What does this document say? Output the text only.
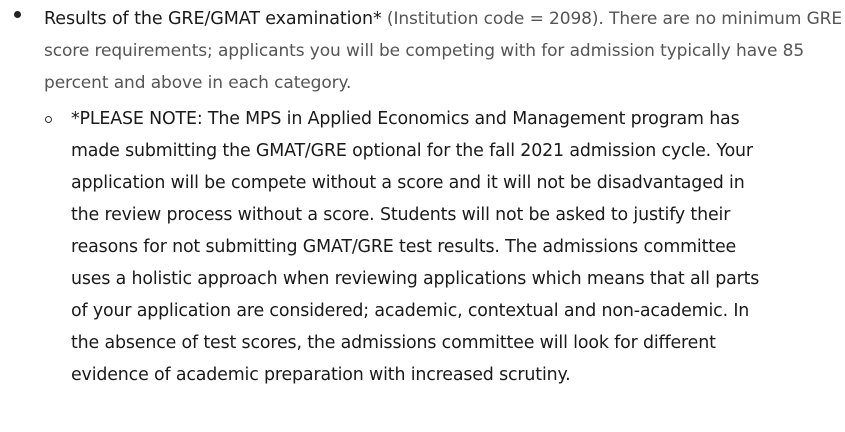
Results of the GRE/GMAT examination* (Institution code = 2098). There are no minimum GRE score requirements; applicants you will be competing with for admission typically have 85 percent and above in each category.
*PLEASE NOTE: The MPS in Applied Economics and Management program has made submitting the GMAT/GRE optional for the fall 2021 admission cycle. Your application will be compete without a score and it will not be disadvantaged in the review process without a score. Students will not be asked to justify their reasons for not submitting GMAT/GRE test results. The admissions committee uses a holistic approach when reviewing applications which means that all parts of your application are considered; academic, contextual and non-academic. In the absence of test scores, the admissions committee will look for different evidence of academic preparation with increased scrutiny.
